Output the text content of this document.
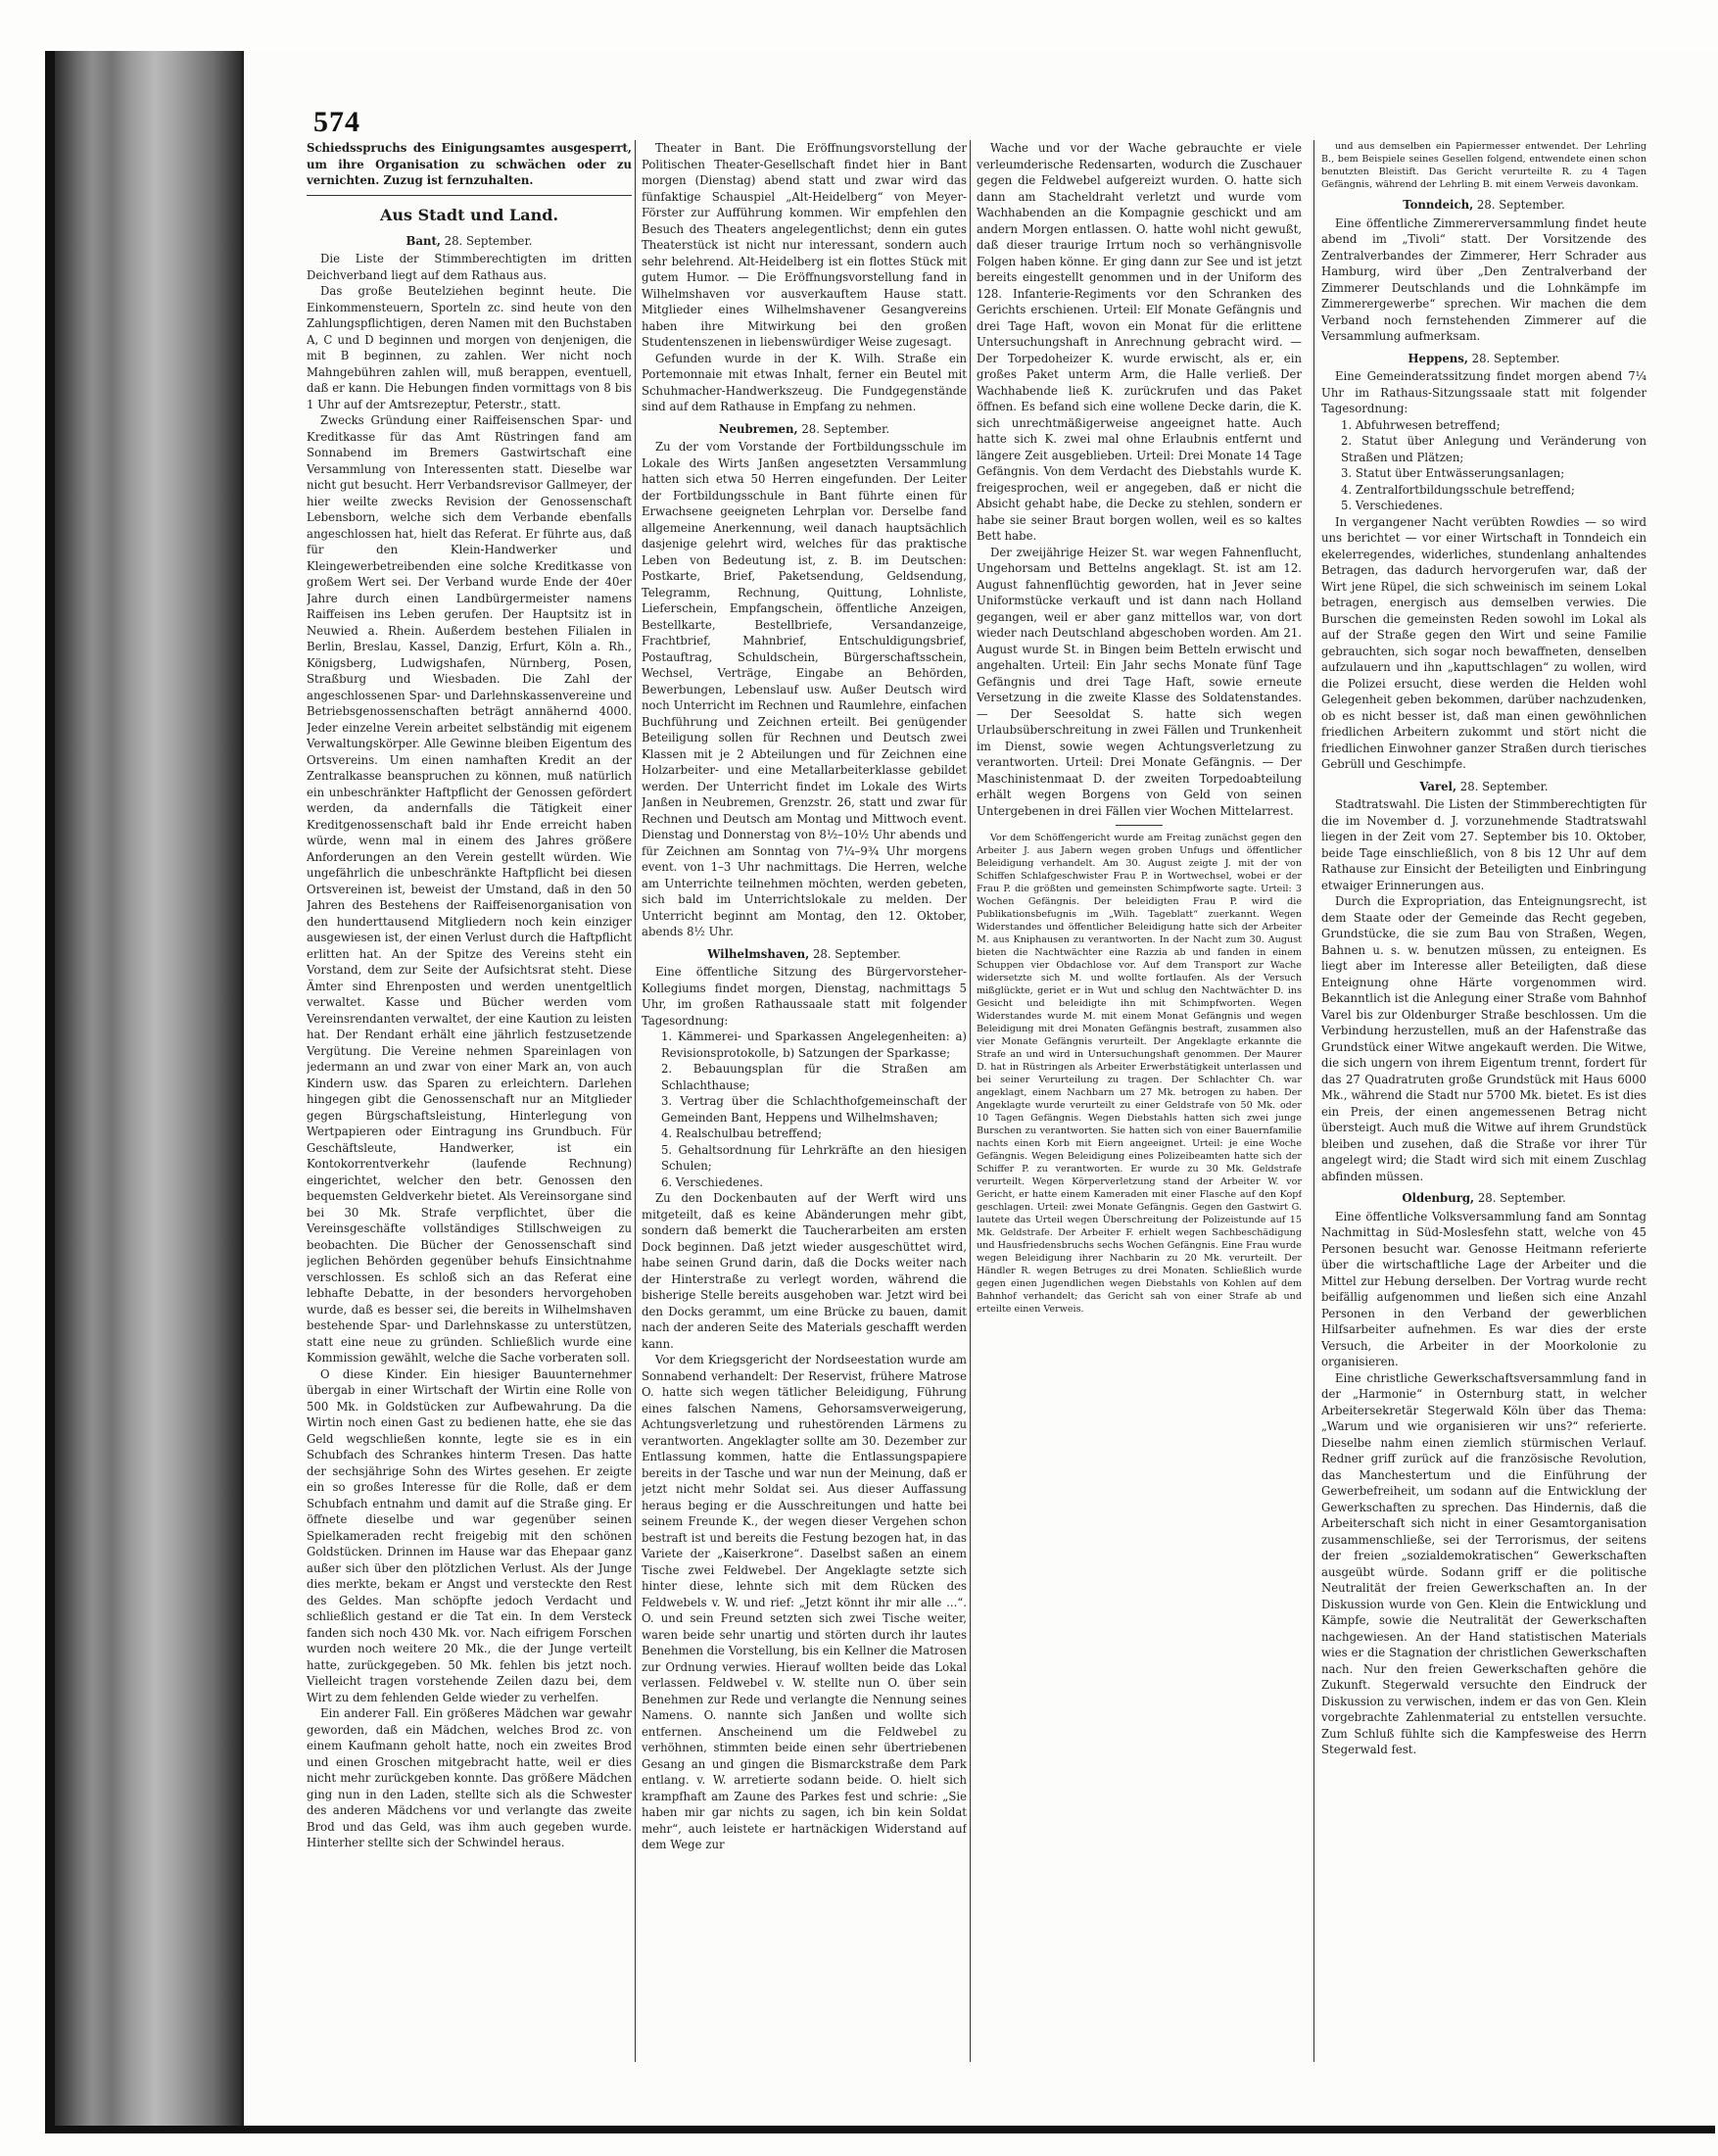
574

Schiedsspruchs des Einigungsamtes ausgesperrt, um ihre Organisation zu schwächen oder zu vernichten. Zuzug ist fernzuhalten.

Aus Stadt und Land.
Bant, 28. September.

Die Liste der Stimmberechtigten im dritten Deichverband liegt auf dem Rathaus aus.

Das große Beutelziehen beginnt heute. Die Einkommensteuern, Sporteln zc. sind heute von den Zahlungspflichtigen, deren Namen mit den Buchstaben A, C und D beginnen und morgen von denjenigen, die mit B beginnen, zu zahlen. Wer nicht noch Mahngebühren zahlen will, muß berappen, eventuell, daß er kann. Die Hebungen finden vormittags von 8 bis 1 Uhr auf der Amtsrezeptur, Peterstr., statt.

Zwecks Gründung einer Raiffeisenschen Spar- und Kreditkasse für das Amt Rüstringen fand am Sonnabend im Bremers Gastwirtschaft eine Versammlung von Interessenten statt. Dieselbe war nicht gut besucht. Herr Verbandsrevisor Gallmeyer, der hier weilte zwecks Revision der Genossenschaft Lebensborn, welche sich dem Verbande ebenfalls angeschlossen hat, hielt das Referat. Er führte aus, daß für den Klein-Handwerker und Kleingewerbetreibenden eine solche Kreditkasse von großem Wert sei. Der Verband wurde Ende der 40er Jahre durch einen Landbürgermeister namens Raiffeisen ins Leben gerufen. Der Hauptsitz ist in Neuwied a. Rhein. Außerdem bestehen Filialen in Berlin, Breslau, Kassel, Danzig, Erfurt, Köln a. Rh., Königsberg, Ludwigshafen, Nürnberg, Posen, Straßburg und Wiesbaden. Die Zahl der angeschlossenen Spar- und Darlehnskassenvereine und Betriebsgenossenschaften beträgt annähernd 4000. Jeder einzelne Verein arbeitet selbständig mit eigenem Verwaltungskörper. Alle Gewinne bleiben Eigentum des Ortsvereins. Um einen namhaften Kredit an der Zentralkasse beanspruchen zu können, muß natürlich ein unbeschränkter Haftpflicht der Genossen gefördert werden, da andernfalls die Tätigkeit einer Kreditgenossenschaft bald ihr Ende erreicht haben würde, wenn mal in einem des Jahres größere Anforderungen an den Verein gestellt würden. Wie ungefährlich die unbeschränkte Haftpflicht bei diesen Ortsvereinen ist, beweist der Umstand, daß in den 50 Jahren des Bestehens der Raiffeisenorganisation von den hunderttausend Mitgliedern noch kein einziger ausgewiesen ist, der einen Verlust durch die Haftpflicht erlitten hat. An der Spitze des Vereins steht ein Vorstand, dem zur Seite der Aufsichtsrat steht. Diese Ämter sind Ehrenposten und werden unentgeltlich verwaltet. Kasse und Bücher werden vom Vereinsrendanten verwaltet, der eine Kaution zu leisten hat. Der Rendant erhält eine jährlich festzusetzende Vergütung. Die Vereine nehmen Spareinlagen von jedermann an und zwar von einer Mark an, von auch Kindern usw. das Sparen zu erleichtern. Darlehen hingegen gibt die Genossenschaft nur an Mitglieder gegen Bürgschaftsleistung, Hinterlegung von Wertpapieren oder Eintragung ins Grundbuch. Für Geschäftsleute, Handwerker, ist ein Kontokorrentverkehr (laufende Rechnung) eingerichtet, welcher den betr. Genossen den bequemsten Geldverkehr bietet. Als Vereinsorgane sind bei 30 Mk. Strafe verpflichtet, über die Vereinsgeschäfte vollständiges Stillschweigen zu beobachten. Die Bücher der Genossenschaft sind jeglichen Behörden gegenüber behufs Einsichtnahme verschlossen. Es schloß sich an das Referat eine lebhafte Debatte, in der besonders hervorgehoben wurde, daß es besser sei, die bereits in Wilhelmshaven bestehende Spar- und Darlehnskasse zu unterstützen, statt eine neue zu gründen. Schließlich wurde eine Kommission gewählt, welche die Sache vorberaten soll.

O diese Kinder. Ein hiesiger Bauunternehmer übergab in einer Wirtschaft der Wirtin eine Rolle von 500 Mk. in Goldstücken zur Aufbewahrung. Da die Wirtin noch einen Gast zu bedienen hatte, ehe sie das Geld wegschließen konnte, legte sie es in ein Schubfach des Schrankes hinterm Tresen. Das hatte der sechsjährige Sohn des Wirtes gesehen. Er zeigte ein so großes Interesse für die Rolle, daß er dem Schubfach entnahm und damit auf die Straße ging. Er öffnete dieselbe und war gegenüber seinen Spielkameraden recht freigebig mit den schönen Goldstücken. Drinnen im Hause war das Ehepaar ganz außer sich über den plötzlichen Verlust. Als der Junge dies merkte, bekam er Angst und versteckte den Rest des Geldes. Man schöpfte jedoch Verdacht und schließlich gestand er die Tat ein. In dem Versteck fanden sich noch 430 Mk. vor. Nach eifrigem Forschen wurden noch weitere 20 Mk., die der Junge verteilt hatte, zurückgegeben. 50 Mk. fehlen bis jetzt noch. Vielleicht tragen vorstehende Zeilen dazu bei, dem Wirt zu dem fehlenden Gelde wieder zu verhelfen.

Ein anderer Fall. Ein größeres Mädchen war gewahr geworden, daß ein Mädchen, welches Brod zc. von einem Kaufmann geholt hatte, noch ein zweites Brod und einen Groschen mitgebracht hatte, weil er dies nicht mehr zurückgeben konnte. Das größere Mädchen ging nun in den Laden, stellte sich als die Schwester des anderen Mädchens vor und verlangte das zweite Brod und das Geld, was ihm auch gegeben wurde. Hinterher stellte sich der Schwindel heraus.

Theater in Bant. Die Eröffnungsvorstellung der Politischen Theater-Gesellschaft findet hier in Bant morgen (Dienstag) abend statt und zwar wird das fünfaktige Schauspiel „Alt-Heidelberg“ von Meyer-Förster zur Aufführung kommen. Wir empfehlen den Besuch des Theaters angelegentlichst; denn ein gutes Theaterstück ist nicht nur interessant, sondern auch sehr belehrend. Alt-Heidelberg ist ein flottes Stück mit gutem Humor. — Die Eröffnungsvorstellung fand in Wilhelmshaven vor ausverkauftem Hause statt. Mitglieder eines Wilhelmshavener Gesangvereins haben ihre Mitwirkung bei den großen Studentenszenen in liebenswürdiger Weise zugesagt.

Gefunden wurde in der K. Wilh. Straße ein Portemonnaie mit etwas Inhalt, ferner ein Beutel mit Schuhmacher-Handwerkszeug. Die Fundgegenstände sind auf dem Rathause in Empfang zu nehmen.

Neubremen, 28. September.

Zu der vom Vorstande der Fortbildungsschule im Lokale des Wirts Janßen angesetzten Versammlung hatten sich etwa 50 Herren eingefunden. Der Leiter der Fortbildungsschule in Bant führte einen für Erwachsene geeigneten Lehrplan vor. Derselbe fand allgemeine Anerkennung, weil danach hauptsächlich dasjenige gelehrt wird, welches für das praktische Leben von Bedeutung ist, z. B. im Deutschen: Postkarte, Brief, Paketsendung, Geldsendung, Telegramm, Rechnung, Quittung, Lohnliste, Lieferschein, Empfangschein, öffentliche Anzeigen, Bestellkarte, Bestellbriefe, Versandanzeige, Frachtbrief, Mahnbrief, Entschuldigungsbrief, Postauftrag, Schuldschein, Bürgerschaftsschein, Wechsel, Verträge, Eingabe an Behörden, Bewerbungen, Lebenslauf usw. Außer Deutsch wird noch Unterricht im Rechnen und Raumlehre, einfachen Buchführung und Zeichnen erteilt. Bei genügender Beteiligung sollen für Rechnen und Deutsch zwei Klassen mit je 2 Abteilungen und für Zeichnen eine Holzarbeiter- und eine Metallarbeiterklasse gebildet werden. Der Unterricht findet im Lokale des Wirts Janßen in Neubremen, Grenzstr. 26, statt und zwar für Rechnen und Deutsch am Montag und Mittwoch event. Dienstag und Donnerstag von 8½–10½ Uhr abends und für Zeichnen am Sonntag von 7¼–9¾ Uhr morgens event. von 1–3 Uhr nachmittags. Die Herren, welche am Unterrichte teilnehmen möchten, werden gebeten, sich bald im Unterrichtslokale zu melden. Der Unterricht beginnt am Montag, den 12. Oktober, abends 8½ Uhr.

Wilhelmshaven, 28. September.

Eine öffentliche Sitzung des Bürgervorsteher-Kollegiums findet morgen, Dienstag, nachmittags 5 Uhr, im großen Rathaussaale statt mit folgender Tagesordnung:

1. Kämmerei- und Sparkassen Angelegenheiten: a) Revisionsprotokolle, b) Satzungen der Sparkasse;

2. Bebauungsplan für die Straßen am Schlachthause;

3. Vertrag über die Schlachthofgemeinschaft der Gemeinden Bant, Heppens und Wilhelmshaven;

4. Realschulbau betreffend;

5. Gehaltsordnung für Lehrkräfte an den hiesigen Schulen;

6. Verschiedenes.

Zu den Dockenbauten auf der Werft wird uns mitgeteilt, daß es keine Abänderungen mehr gibt, sondern daß bemerkt die Taucherarbeiten am ersten Dock beginnen. Daß jetzt wieder ausgeschüttet wird, habe seinen Grund darin, daß die Docks weiter nach der Hinterstraße zu verlegt worden, während die bisherige Stelle bereits ausgehoben war. Jetzt wird bei den Docks gerammt, um eine Brücke zu bauen, damit nach der anderen Seite des Materials geschafft werden kann.

Vor dem Kriegsgericht der Nordseestation wurde am Sonnabend verhandelt: Der Reservist, frühere Matrose O. hatte sich wegen tätlicher Beleidigung, Führung eines falschen Namens, Gehorsamsverweigerung, Achtungsverletzung und ruhestörenden Lärmens zu verantworten. Angeklagter sollte am 30. Dezember zur Entlassung kommen, hatte die Entlassungspapiere bereits in der Tasche und war nun der Meinung, daß er jetzt nicht mehr Soldat sei. Aus dieser Auffassung heraus beging er die Ausschreitungen und hatte bei seinem Freunde K., der wegen dieser Vergehen schon bestraft ist und bereits die Festung bezogen hat, in das Variete der „Kaiserkrone“. Daselbst saßen an einem Tische zwei Feldwebel. Der Angeklagte setzte sich hinter diese, lehnte sich mit dem Rücken des Feldwebels v. W. und rief: „Jetzt könnt ihr mir alle ...“. O. und sein Freund setzten sich zwei Tische weiter, waren beide sehr unartig und störten durch ihr lautes Benehmen die Vorstellung, bis ein Kellner die Matrosen zur Ordnung verwies. Hierauf wollten beide das Lokal verlassen. Feldwebel v. W. stellte nun O. über sein Benehmen zur Rede und verlangte die Nennung seines Namens. O. nannte sich Janßen und wollte sich entfernen. Anscheinend um die Feldwebel zu verhöhnen, stimmten beide einen sehr übertriebenen Gesang an und gingen die Bismarckstraße dem Park entlang. v. W. arretierte sodann beide. O. hielt sich krampfhaft am Zaune des Parkes fest und schrie: „Sie haben mir gar nichts zu sagen, ich bin kein Soldat mehr“, auch leistete er hartnäckigen Widerstand auf dem Wege zur

Wache und vor der Wache gebrauchte er viele verleumderische Redensarten, wodurch die Zuschauer gegen die Feldwebel aufgereizt wurden. O. hatte sich dann am Stacheldraht verletzt und wurde vom Wachhabenden an die Kompagnie geschickt und am andern Morgen entlassen. O. hatte wohl nicht gewußt, daß dieser traurige Irrtum noch so verhängnisvolle Folgen haben könne. Er ging dann zur See und ist jetzt bereits eingestellt genommen und in der Uniform des 128. Infanterie-Regiments vor den Schranken des Gerichts erschienen. Urteil: Elf Monate Gefängnis und drei Tage Haft, wovon ein Monat für die erlittene Untersuchungshaft in Anrechnung gebracht wird. — Der Torpedoheizer K. wurde erwischt, als er, ein großes Paket unterm Arm, die Halle verließ. Der Wachhabende ließ K. zurückrufen und das Paket öffnen. Es befand sich eine wollene Decke darin, die K. sich unrechtmäßigerweise angeeignet hatte. Auch hatte sich K. zwei mal ohne Erlaubnis entfernt und längere Zeit ausgeblieben. Urteil: Drei Monate 14 Tage Gefängnis. Von dem Verdacht des Diebstahls wurde K. freigesprochen, weil er angegeben, daß er nicht die Absicht gehabt habe, die Decke zu stehlen, sondern er habe sie seiner Braut borgen wollen, weil es so kaltes Bett habe.

Der zweijährige Heizer St. war wegen Fahnenflucht, Ungehorsam und Bettelns angeklagt. St. ist am 12. August fahnenflüchtig geworden, hat in Jever seine Uniformstücke verkauft und ist dann nach Holland gegangen, weil er aber ganz mittellos war, von dort wieder nach Deutschland abgeschoben worden. Am 21. August wurde St. in Bingen beim Betteln erwischt und angehalten. Urteil: Ein Jahr sechs Monate fünf Tage Gefängnis und drei Tage Haft, sowie erneute Versetzung in die zweite Klasse des Soldatenstandes. — Der Seesoldat S. hatte sich wegen Urlaubsüberschreitung in zwei Fällen und Trunkenheit im Dienst, sowie wegen Achtungsverletzung zu verantworten. Urteil: Drei Monate Gefängnis. — Der Maschinistenmaat D. der zweiten Torpedoabteilung erhält wegen Borgens von Geld von seinen Untergebenen in drei Fällen vier Wochen Mittelarrest.

Vor dem Schöffengericht wurde am Freitag zunächst gegen den Arbeiter J. aus Jabern wegen groben Unfugs und öffentlicher Beleidigung verhandelt. Am 30. August zeigte J. mit der von Schiffen Schlafgeschwister Frau P. in Wortwechsel, wobei er der Frau P. die größten und gemeinsten Schimpfworte sagte. Urteil: 3 Wochen Gefängnis. Der beleidigten Frau P. wird die Publikationsbefugnis im „Wilh. Tageblatt“ zuerkannt. Wegen Widerstandes und öffentlicher Beleidigung hatte sich der Arbeiter M. aus Kniphausen zu verantworten. In der Nacht zum 30. August bieten die Nachtwächter eine Razzia ab und fanden in einem Schuppen vier Obdachlose vor. Auf dem Transport zur Wache widersetzte sich M. und wollte fortlaufen. Als der Versuch mißglückte, geriet er in Wut und schlug den Nachtwächter D. ins Gesicht und beleidigte ihn mit Schimpfworten. Wegen Widerstandes wurde M. mit einem Monat Gefängnis und wegen Beleidigung mit drei Monaten Gefängnis bestraft, zusammen also vier Monate Gefängnis verurteilt. Der Angeklagte erkannte die Strafe an und wird in Untersuchungshaft genommen. Der Maurer D. hat in Rüstringen als Arbeiter Erwerbstätigkeit unterlassen und bei seiner Verurteilung zu tragen. Der Schlachter Ch. war angeklagt, einem Nachbarn um 27 Mk. betrogen zu haben. Der Angeklagte wurde verurteilt zu einer Geldstrafe von 50 Mk. oder 10 Tagen Gefängnis. Wegen Diebstahls hatten sich zwei junge Burschen zu verantworten. Sie hatten sich von einer Bauernfamilie nachts einen Korb mit Eiern angeeignet. Urteil: je eine Woche Gefängnis. Wegen Beleidigung eines Polizeibeamten hatte sich der Schiffer P. zu verantworten. Er wurde zu 30 Mk. Geldstrafe verurteilt. Wegen Körperverletzung stand der Arbeiter W. vor Gericht, er hatte einem Kameraden mit einer Flasche auf den Kopf geschlagen. Urteil: zwei Monate Gefängnis. Gegen den Gastwirt G. lautete das Urteil wegen Überschreitung der Polizeistunde auf 15 Mk. Geldstrafe. Der Arbeiter F. erhielt wegen Sachbeschädigung und Hausfriedensbruchs sechs Wochen Gefängnis. Eine Frau wurde wegen Beleidigung ihrer Nachbarin zu 20 Mk. verurteilt. Der Händler R. wegen Betruges zu drei Monaten. Schließlich wurde gegen einen Jugendlichen wegen Diebstahls von Kohlen auf dem Bahnhof verhandelt; das Gericht sah von einer Strafe ab und erteilte einen Verweis.

und aus demselben ein Papiermesser entwendet. Der Lehrling B., bem Beispiele seines Gesellen folgend, entwendete einen schon benutzten Bleistift. Das Gericht verurteilte R. zu 4 Tagen Gefängnis, während der Lehrling B. mit einem Verweis davonkam.

Tonndeich, 28. September.

Eine öffentliche Zimmererversammlung findet heute abend im „Tivoli“ statt. Der Vorsitzende des Zentralverbandes der Zimmerer, Herr Schrader aus Hamburg, wird über „Den Zentralverband der Zimmerer Deutschlands und die Lohnkämpfe im Zimmerergewerbe“ sprechen. Wir machen die dem Verband noch fernstehenden Zimmerer auf die Versammlung aufmerksam.

Heppens, 28. September.

Eine Gemeinderatssitzung findet morgen abend 7¼ Uhr im Rathaus-Sitzungssaale statt mit folgender Tagesordnung:

1. Abfuhrwesen betreffend;

2. Statut über Anlegung und Veränderung von Straßen und Plätzen;

3. Statut über Entwässerungsanlagen;

4. Zentralfortbildungsschule betreffend;

5. Verschiedenes.

In vergangener Nacht verübten Rowdies — so wird uns berichtet — vor einer Wirtschaft in Tonndeich ein ekelerregendes, widerliches, stundenlang anhaltendes Betragen, das dadurch hervorgerufen war, daß der Wirt jene Rüpel, die sich schweinisch im seinem Lokal betragen, energisch aus demselben verwies. Die Burschen die gemeinsten Reden sowohl im Lokal als auf der Straße gegen den Wirt und seine Familie gebrauchten, sich sogar noch bewaffneten, denselben aufzulauern und ihn „kaputtschlagen“ zu wollen, wird die Polizei ersucht, diese werden die Helden wohl Gelegenheit geben bekommen, darüber nachzudenken, ob es nicht besser ist, daß man einen gewöhnlichen friedlichen Arbeitern zukommt und stört nicht die friedlichen Einwohner ganzer Straßen durch tierisches Gebrüll und Geschimpfe.

Varel, 28. September.

Stadtratswahl. Die Listen der Stimmberechtigten für die im November d. J. vorzunehmende Stadtratswahl liegen in der Zeit vom 27. September bis 10. Oktober, beide Tage einschließlich, von 8 bis 12 Uhr auf dem Rathause zur Einsicht der Beteiligten und Einbringung etwaiger Erinnerungen aus.

Durch die Expropriation, das Enteignungsrecht, ist dem Staate oder der Gemeinde das Recht gegeben, Grundstücke, die sie zum Bau von Straßen, Wegen, Bahnen u. s. w. benutzen müssen, zu enteignen. Es liegt aber im Interesse aller Beteiligten, daß diese Enteignung ohne Härte vorgenommen wird. Bekanntlich ist die Anlegung einer Straße vom Bahnhof Varel bis zur Oldenburger Straße beschlossen. Um die Verbindung herzustellen, muß an der Hafenstraße das Grundstück einer Witwe angekauft werden. Die Witwe, die sich ungern von ihrem Eigentum trennt, fordert für das 27 Quadratruten große Grundstück mit Haus 6000 Mk., während die Stadt nur 5700 Mk. bietet. Es ist dies ein Preis, der einen angemessenen Betrag nicht übersteigt. Auch muß die Witwe auf ihrem Grundstück bleiben und zusehen, daß die Straße vor ihrer Tür angelegt wird; die Stadt wird sich mit einem Zuschlag abfinden müssen.

Oldenburg, 28. September.

Eine öffentliche Volksversammlung fand am Sonntag Nachmittag in Süd-Moslesfehn statt, welche von 45 Personen besucht war. Genosse Heitmann referierte über die wirtschaftliche Lage der Arbeiter und die Mittel zur Hebung derselben. Der Vortrag wurde recht beifällig aufgenommen und ließen sich eine Anzahl Personen in den Verband der gewerblichen Hilfsarbeiter aufnehmen. Es war dies der erste Versuch, die Arbeiter in der Moorkolonie zu organisieren.

Eine christliche Gewerkschaftsversammlung fand in der „Harmonie“ in Osternburg statt, in welcher Arbeitersekretär Stegerwald Köln über das Thema: „Warum und wie organisieren wir uns?“ referierte. Dieselbe nahm einen ziemlich stürmischen Verlauf. Redner griff zurück auf die französische Revolution, das Manchestertum und die Einführung der Gewerbefreiheit, um sodann auf die Entwicklung der Gewerkschaften zu sprechen. Das Hindernis, daß die Arbeiterschaft sich nicht in einer Gesamtorganisation zusammenschließe, sei der Terrorismus, der seitens der freien „sozialdemokratischen“ Gewerkschaften ausgeübt würde. Sodann griff er die politische Neutralität der freien Gewerkschaften an. In der Diskussion wurde von Gen. Klein die Entwicklung und Kämpfe, sowie die Neutralität der Gewerkschaften nachgewiesen. An der Hand statistischen Materials wies er die Stagnation der christlichen Gewerkschaften nach. Nur den freien Gewerkschaften gehöre die Zukunft. Stegerwald versuchte den Eindruck der Diskussion zu verwischen, indem er das von Gen. Klein vorgebrachte Zahlenmaterial zu entstellen versuchte. Zum Schluß fühlte sich die Kampfesweise des Herrn Stegerwald fest.
